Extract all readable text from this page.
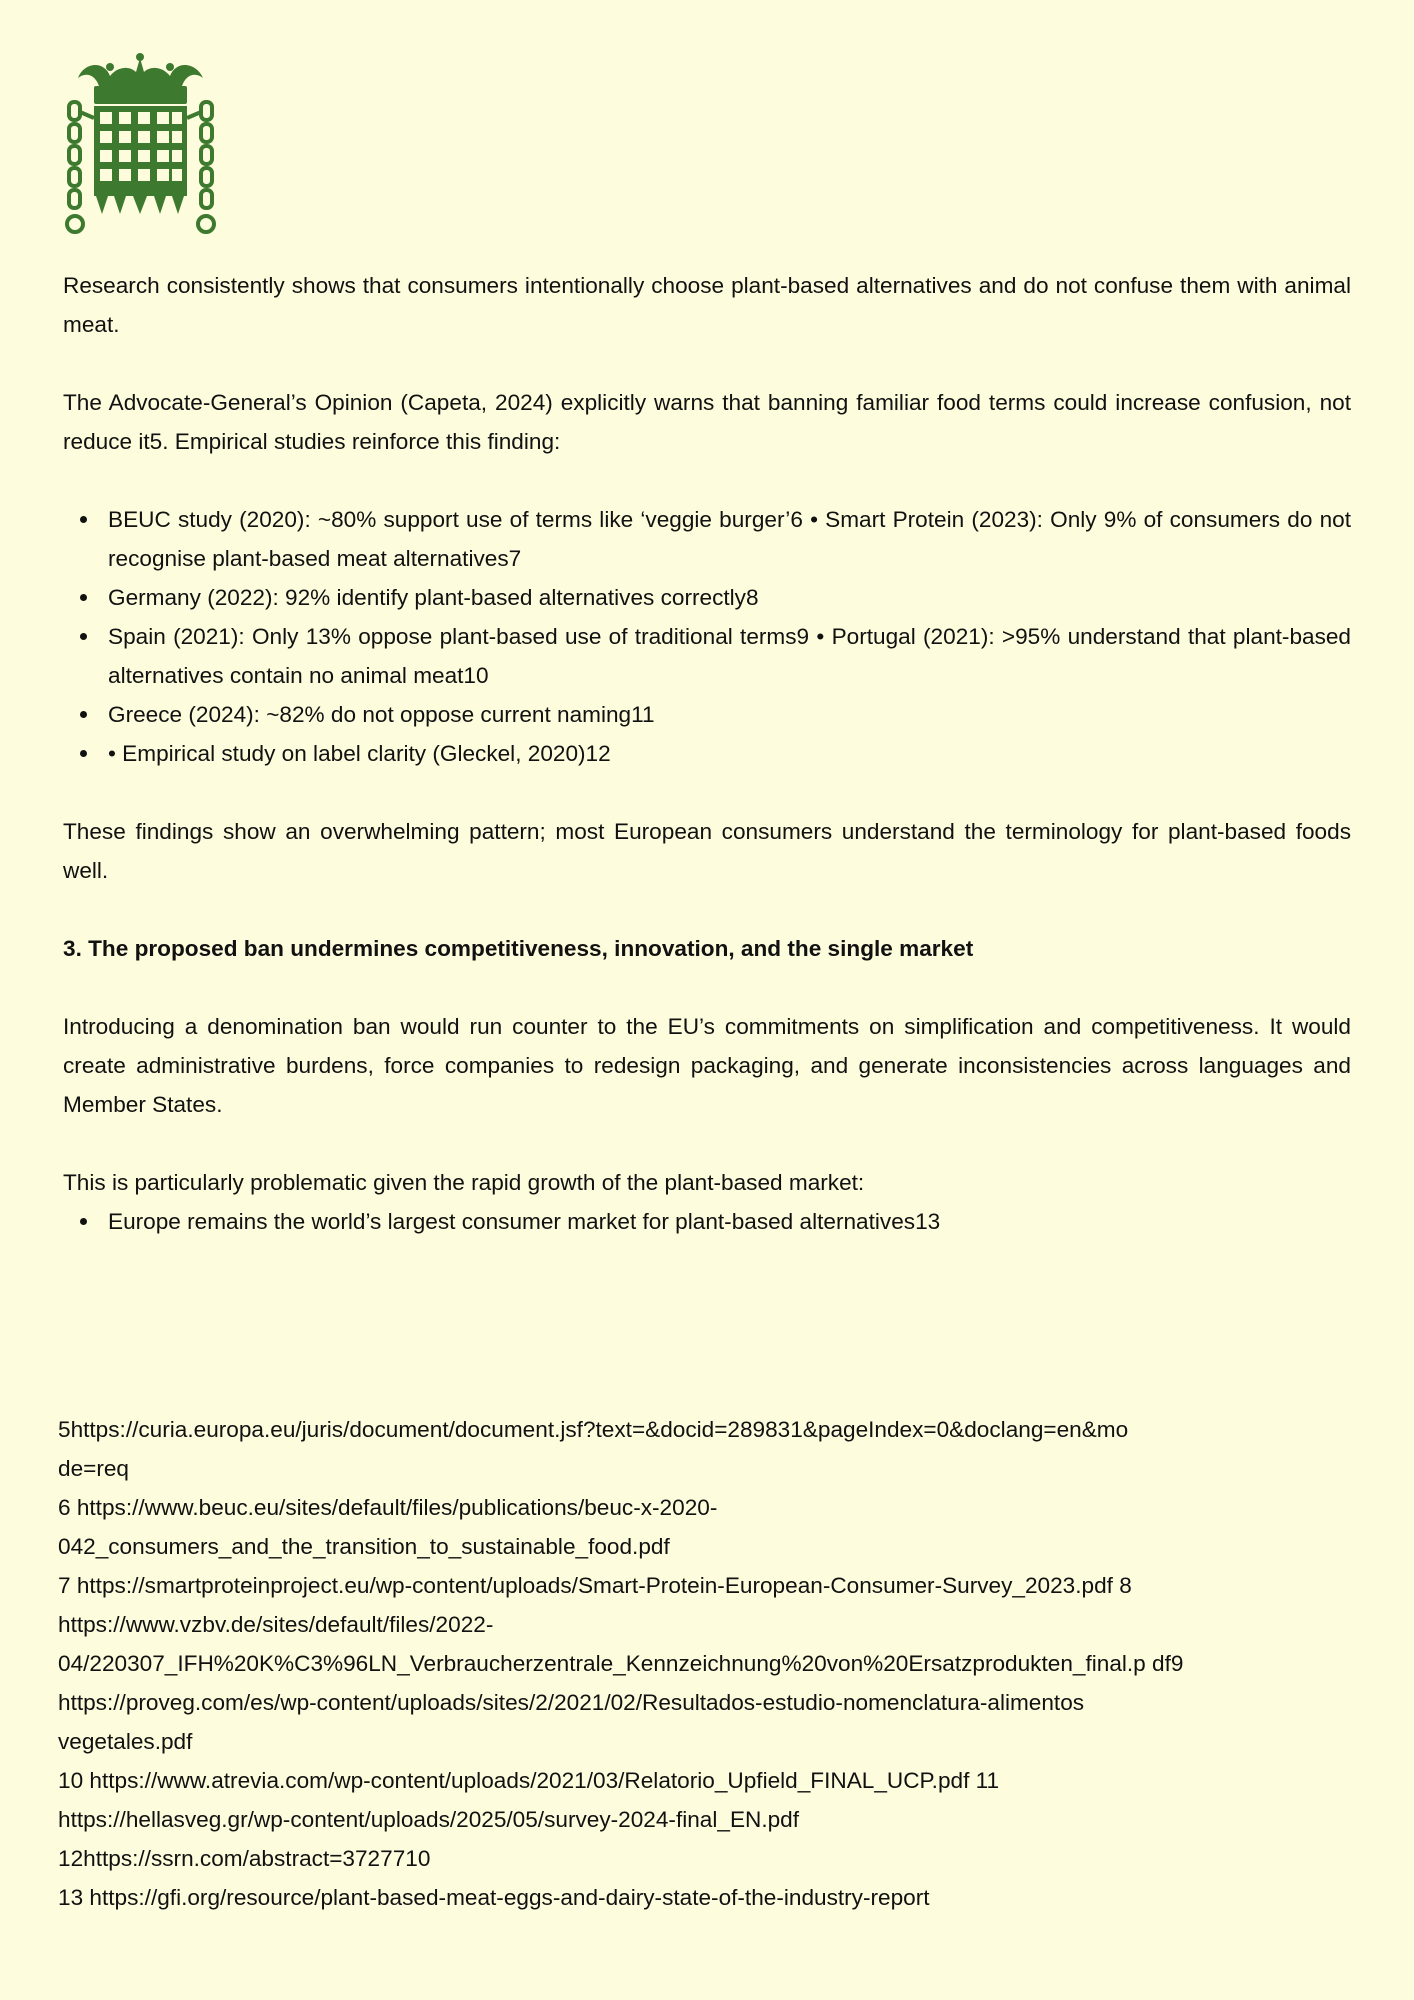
Research consistently shows that consumers intentionally choose plant-based alternatives and do not confuse them with animal meat.

The Advocate-General’s Opinion (Capeta, 2024) explicitly warns that banning familiar food terms could increase confusion, not reduce it5. Empirical studies reinforce this finding:

BEUC study (2020): ~80% support use of terms like ‘veggie burger’6 • Smart Protein (2023): Only 9% of consumers do not recognise plant-based meat alternatives7
Germany (2022): 92% identify plant-based alternatives correctly8
Spain (2021): Only 13% oppose plant-based use of traditional terms9 • Portugal (2021): >95% understand that plant-based alternatives contain no animal meat10
Greece (2024): ~82% do not oppose current naming11
• Empirical study on label clarity (Gleckel, 2020)12

These findings show an overwhelming pattern; most European consumers understand the terminology for plant-based foods well.

3. The proposed ban undermines competitiveness, innovation, and the single market

Introducing a denomination ban would run counter to the EU’s commitments on simplification and competitiveness. It would create administrative burdens, force companies to redesign packaging, and generate inconsistencies across languages and Member States.

This is particularly problematic given the rapid growth of the plant-based market:

Europe remains the world’s largest consumer market for plant-based alternatives13

5https://curia.europa.eu/juris/document/document.jsf?text=&docid=289831&pageIndex=0&doclang=en&mo

de=req

6 https://www.beuc.eu/sites/default/files/publications/beuc-x-2020-

042_consumers_and_the_transition_to_sustainable_food.pdf

7 https://smartproteinproject.eu/wp-content/uploads/Smart-Protein-European-Consumer-Survey_2023.pdf 8

https://www.vzbv.de/sites/default/files/2022-

04/220307_IFH%20K%C3%96LN_Verbraucherzentrale_Kennzeichnung%20von%20Ersatzprodukten_final.p df9

https://proveg.com/es/wp-content/uploads/sites/2/2021/02/Resultados-estudio-nomenclatura-alimentos

vegetales.pdf

10 https://www.atrevia.com/wp-content/uploads/2021/03/Relatorio_Upfield_FINAL_UCP.pdf 11

https://hellasveg.gr/wp-content/uploads/2025/05/survey-2024-final_EN.pdf

12https://ssrn.com/abstract=3727710

13 https://gfi.org/resource/plant-based-meat-eggs-and-dairy-state-of-the-industry-report
